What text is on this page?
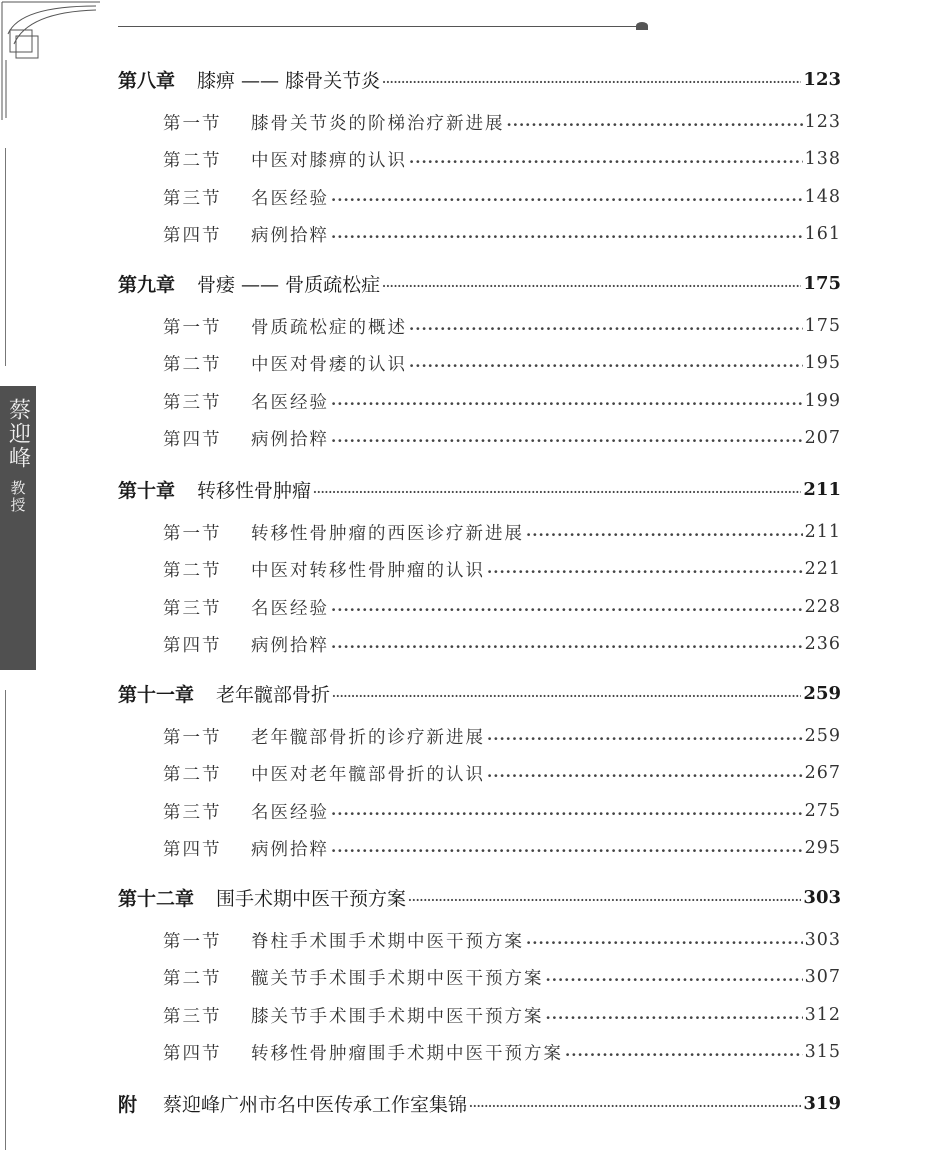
蔡迎峰
教授
第八章 膝痹 —— 膝骨关节炎 .....	123
第一节 膝骨关节炎的阶梯治疗新进展 .....	123
第二节 中医对膝痹的认识 .....	138
第三节 名医经验 .....	148
第四节 病例拾粹 .....	161
第九章 骨痿 —— 骨质疏松症 .....	175
第一节 骨质疏松症的概述 .....	175
第二节 中医对骨痿的认识 .....	195
第三节 名医经验 .....	199
第四节 病例拾粹 .....	207
第十章 转移性骨肿瘤 .....	211
第一节 转移性骨肿瘤的西医诊疗新进展 .....	211
第二节 中医对转移性骨肿瘤的认识 .....	221
第三节 名医经验 .....	228
第四节 病例拾粹 .....	236
第十一章 老年髋部骨折 .....	259
第一节 老年髋部骨折的诊疗新进展 .....	259
第二节 中医对老年髋部骨折的认识 .....	267
第三节 名医经验 .....	275
第四节 病例拾粹 .....	295
第十二章 围手术期中医干预方案 .....	303
第一节 脊柱手术围手术期中医干预方案 .....	303
第二节 髋关节手术围手术期中医干预方案 .....	307
第三节 膝关节手术围手术期中医干预方案 .....	312
第四节 转移性骨肿瘤围手术期中医干预方案 .....	315
附 蔡迎峰广州市名中医传承工作室集锦 .....	319
